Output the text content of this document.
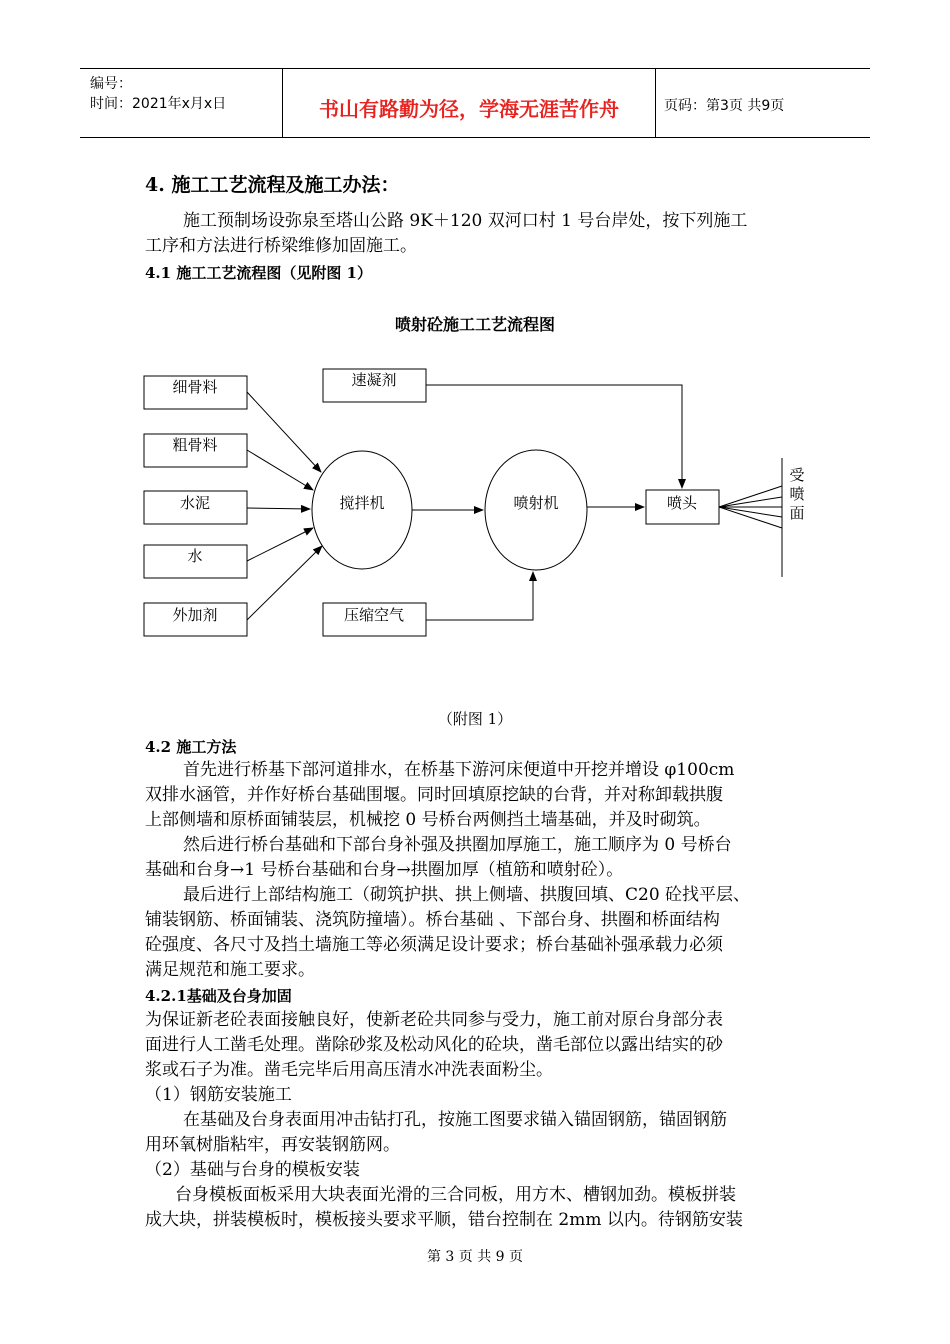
编号：
时间：2021年x月x日	书山有路勤为径，学海无涯苦作舟	页码：第3页 共9页
4. 施工工艺流程及施工办法：
施工预制场设弥泉至塔山公路 9K＋120 双河口村 1 号台岸处，按下列施工
工序和方法进行桥梁维修加固施工。
4.1 施工工艺流程图（见附图 1）
喷射砼施工工艺流程图
细骨料
粗骨料
水泥
水
外加剂
速凝剂
压缩空气
搅拌机	喷射机	喷头
受
喷
面
（附图 1）
4.2 施工方法
首先进行桥基下部河道排水，在桥基下游河床便道中开挖并增设 φ100cm
双排水涵管，并作好桥台基础围堰。同时回填原挖缺的台背，并对称卸载拱腹
上部侧墙和原桥面铺装层，机械挖 0 号桥台两侧挡土墙基础，并及时砌筑。
然后进行桥台基础和下部台身补强及拱圈加厚施工，施工顺序为 0 号桥台
基础和台身→1 号桥台基础和台身→拱圈加厚（植筋和喷射砼）。
最后进行上部结构施工（砌筑护拱、拱上侧墙、拱腹回填、C20 砼找平层、
铺装钢筋、桥面铺装、浇筑防撞墙）。桥台基础 、下部台身、拱圈和桥面结构
砼强度、各尺寸及挡土墙施工等必须满足设计要求；桥台基础补强承载力必须
满足规范和施工要求。
4.2.1基础及台身加固
为保证新老砼表面接触良好，使新老砼共同参与受力，施工前对原台身部分表
面进行人工凿毛处理。凿除砂浆及松动风化的砼块，凿毛部位以露出结实的砂
浆或石子为准。凿毛完毕后用高压清水冲洗表面粉尘。
（1）钢筋安装施工
在基础及台身表面用冲击钻打孔，按施工图要求锚入锚固钢筋，锚固钢筋
用环氧树脂粘牢，再安装钢筋网。
（2）基础与台身的模板安装
台身模板面板采用大块表面光滑的三合同板，用方木、槽钢加劲。模板拼装
成大块，拼装模板时，模板接头要求平顺，错台控制在 2mm 以内。待钢筋安装
第 3 页 共 9 页
